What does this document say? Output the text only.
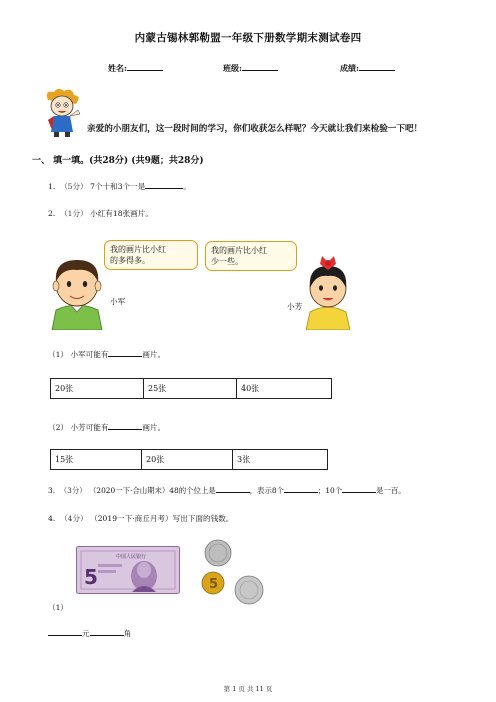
内蒙古锡林郭勒盟一年级下册数学期末测试卷四
姓名:	班级:	成绩:
亲爱的小朋友们，这一段时间的学习，你们收获怎么样呢？今天就让我们来检验一下吧！
一、 填一填。(共28分) (共9题；共28分)
1. （5分） 7个十和3个一是	。
2. （1分） 小红有18张画片。
我的画片比小红
的多得多。
小军
我的画片比小红
少一些。
小芳
（1） 小军可能有	画片。
20张	25张	40张
（2） 小芳可能有	画片。
15张	20张	3张
3. （3分） （2020一下·合山期末）48的个位上是	，表示8个	；10个	是一百。
4. （4分） （2019一下·商丘月考）写出下面的钱数。
中国人民银行
5	5
（1）
元	角
第 1 页 共 11 页
